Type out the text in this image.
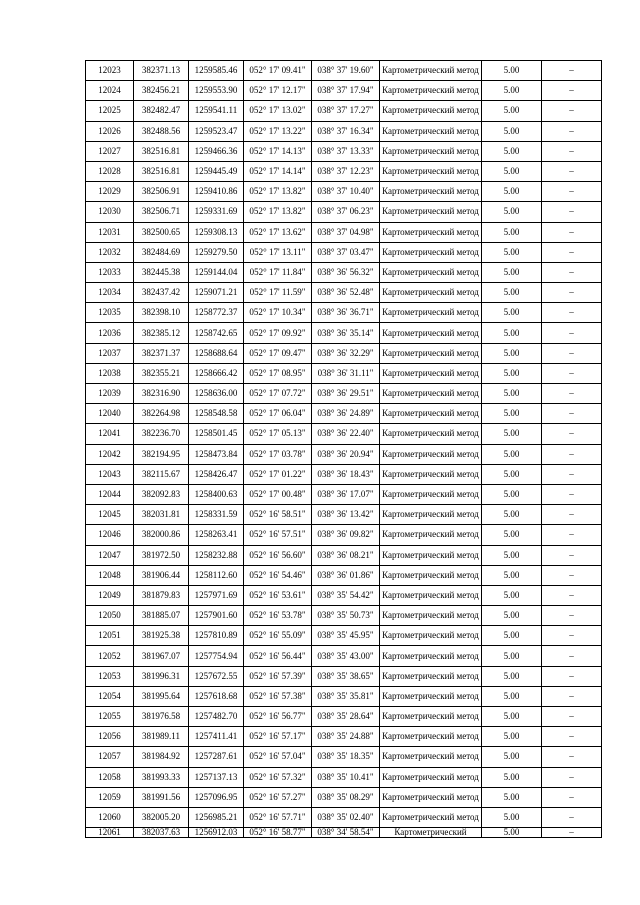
12023	382371.13	1259585.46	052° 17' 09.41"	038° 37' 19.60"	Картометрический метод	5.00	–
12024	382456.21	1259553.90	052° 17' 12.17"	038° 37' 17.94"	Картометрический метод	5.00	–
12025	382482.47	1259541.11	052° 17' 13.02"	038° 37' 17.27"	Картометрический метод	5.00	–
12026	382488.56	1259523.47	052° 17' 13.22"	038° 37' 16.34"	Картометрический метод	5.00	–
12027	382516.81	1259466.36	052° 17' 14.13"	038° 37' 13.33"	Картометрический метод	5.00	–
12028	382516.81	1259445.49	052° 17' 14.14"	038° 37' 12.23"	Картометрический метод	5.00	–
12029	382506.91	1259410.86	052° 17' 13.82"	038° 37' 10.40"	Картометрический метод	5.00	–
12030	382506.71	1259331.69	052° 17' 13.82"	038° 37' 06.23"	Картометрический метод	5.00	–
12031	382500.65	1259308.13	052° 17' 13.62"	038° 37' 04.98"	Картометрический метод	5.00	–
12032	382484.69	1259279.50	052° 17' 13.11"	038° 37' 03.47"	Картометрический метод	5.00	–
12033	382445.38	1259144.04	052° 17' 11.84"	038° 36' 56.32"	Картометрический метод	5.00	–
12034	382437.42	1259071.21	052° 17' 11.59"	038° 36' 52.48"	Картометрический метод	5.00	–
12035	382398.10	1258772.37	052° 17' 10.34"	038° 36' 36.71"	Картометрический метод	5.00	–
12036	382385.12	1258742.65	052° 17' 09.92"	038° 36' 35.14"	Картометрический метод	5.00	–
12037	382371.37	1258688.64	052° 17' 09.47"	038° 36' 32.29"	Картометрический метод	5.00	–
12038	382355.21	1258666.42	052° 17' 08.95"	038° 36' 31.11"	Картометрический метод	5.00	–
12039	382316.90	1258636.00	052° 17' 07.72"	038° 36' 29.51"	Картометрический метод	5.00	–
12040	382264.98	1258548.58	052° 17' 06.04"	038° 36' 24.89"	Картометрический метод	5.00	–
12041	382236.70	1258501.45	052° 17' 05.13"	038° 36' 22.40"	Картометрический метод	5.00	–
12042	382194.95	1258473.84	052° 17' 03.78"	038° 36' 20.94"	Картометрический метод	5.00	–
12043	382115.67	1258426.47	052° 17' 01.22"	038° 36' 18.43"	Картометрический метод	5.00	–
12044	382092.83	1258400.63	052° 17' 00.48"	038° 36' 17.07"	Картометрический метод	5.00	–
12045	382031.81	1258331.59	052° 16' 58.51"	038° 36' 13.42"	Картометрический метод	5.00	–
12046	382000.86	1258263.41	052° 16' 57.51"	038° 36' 09.82"	Картометрический метод	5.00	–
12047	381972.50	1258232.88	052° 16' 56.60"	038° 36' 08.21"	Картометрический метод	5.00	–
12048	381906.44	1258112.60	052° 16' 54.46"	038° 36' 01.86"	Картометрический метод	5.00	–
12049	381879.83	1257971.69	052° 16' 53.61"	038° 35' 54.42"	Картометрический метод	5.00	–
12050	381885.07	1257901.60	052° 16' 53.78"	038° 35' 50.73"	Картометрический метод	5.00	–
12051	381925.38	1257810.89	052° 16' 55.09"	038° 35' 45.95"	Картометрический метод	5.00	–
12052	381967.07	1257754.94	052° 16' 56.44"	038° 35' 43.00"	Картометрический метод	5.00	–
12053	381996.31	1257672.55	052° 16' 57.39"	038° 35' 38.65"	Картометрический метод	5.00	–
12054	381995.64	1257618.68	052° 16' 57.38"	038° 35' 35.81"	Картометрический метод	5.00	–
12055	381976.58	1257482.70	052° 16' 56.77"	038° 35' 28.64"	Картометрический метод	5.00	–
12056	381989.11	1257411.41	052° 16' 57.17"	038° 35' 24.88"	Картометрический метод	5.00	–
12057	381984.92	1257287.61	052° 16' 57.04"	038° 35' 18.35"	Картометрический метод	5.00	–
12058	381993.33	1257137.13	052° 16' 57.32"	038° 35' 10.41"	Картометрический метод	5.00	–
12059	381991.56	1257096.95	052° 16' 57.27"	038° 35' 08.29"	Картометрический метод	5.00	–
12060	382005.20	1256985.21	052° 16' 57.71"	038° 35' 02.40"	Картометрический метод	5.00	–
12061	382037.63	1256912.03	052° 16' 58.77"	038° 34' 58.54"	Картометрический	5.00	–
